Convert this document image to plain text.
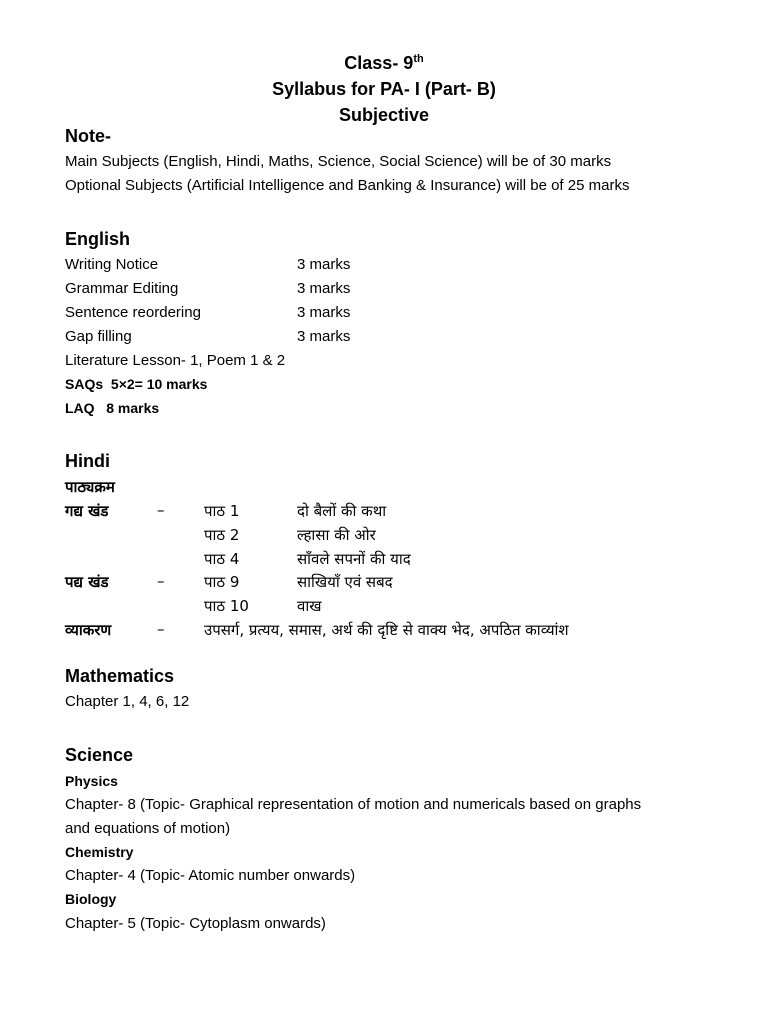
Class- 9th
Syllabus for PA- I (Part- B)
Subjective
Note-
Main Subjects (English, Hindi, Maths, Science, Social Science) will be of 30 marks
Optional Subjects (Artificial Intelligence and Banking & Insurance) will be of 25 marks
English
Writing Notice	3 marks
Grammar Editing	3 marks
Sentence reordering	3 marks
Gap filling	3 marks
Literature Lesson- 1, Poem 1 & 2
SAQs  5×2= 10 marks
LAQ   8 marks
Hindi
पाठ्यक्रम
गद्य खंड	–	पाठ 1	दो बैलों की कथा
पाठ 2	ल्हासा की ओर
पाठ 4	साँवले सपनों की याद
पद्य खंड	–	पाठ 9	साखियाँ एवं सबद
पाठ 10	वाख
व्याकरण	–	उपसर्ग, प्रत्यय, समास, अर्थ की दृष्टि से वाक्य भेद, अपठित काव्यांश
Mathematics
Chapter 1, 4, 6, 12
Science
Physics
Chapter- 8 (Topic- Graphical representation of motion and numericals based on graphs
and equations of motion)
Chemistry
Chapter- 4 (Topic- Atomic number onwards)
Biology
Chapter- 5 (Topic- Cytoplasm onwards)
